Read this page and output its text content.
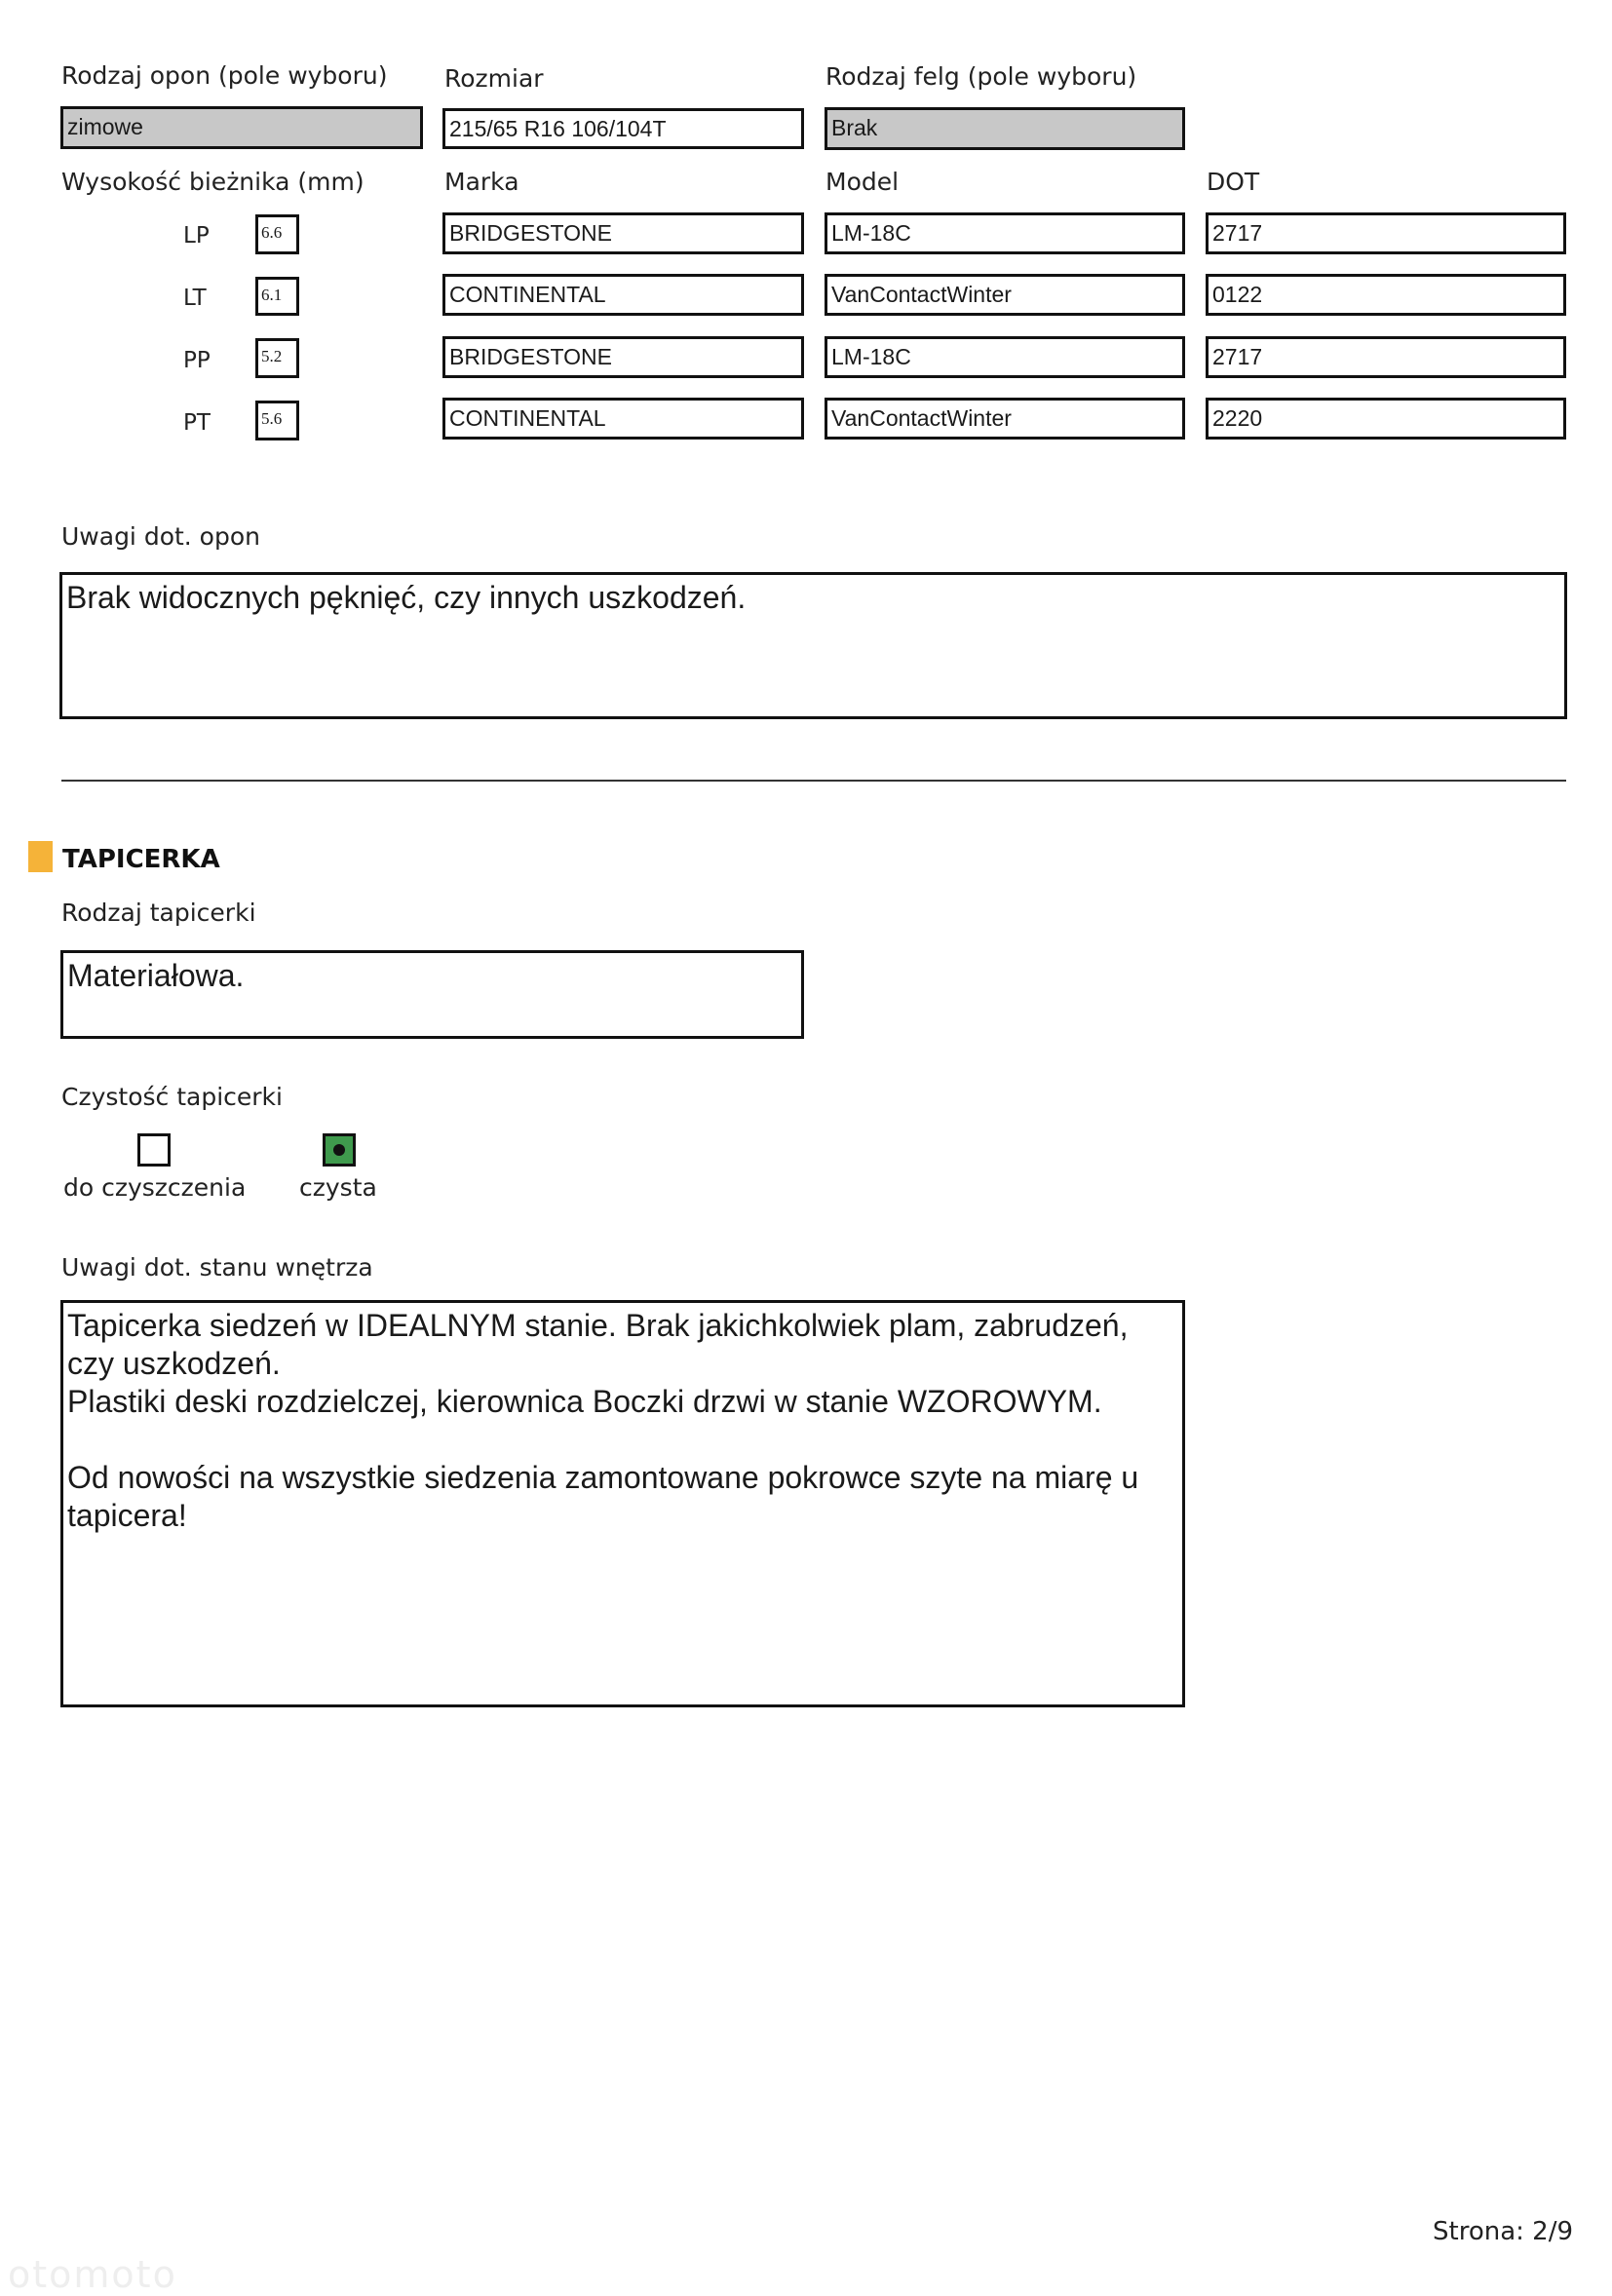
Rodzaj opon (pole wyboru)
zimowe
Rozmiar
215/65 R16 106/104T
Rodzaj felg (pole wyboru)
Brak
Wysokość bieżnika (mm)	Marka	Model	DOT
LP	6.6	BRIDGESTONE	LM-18C	2717
LT	6.1	CONTINENTAL	VanContactWinter	0122
PP	5.2	BRIDGESTONE	LM-18C	2717
PT	5.6	CONTINENTAL	VanContactWinter	2220
Uwagi dot. opon
Brak widocznych pęknięć, czy innych uszkodzeń.
TAPICERKA
Rodzaj tapicerki
Materiałowa.
Czystość tapicerki
do czyszczenia czysta
Uwagi dot. stanu wnętrza
Tapicerka siedzeń w IDEALNYM stanie. Brak jakichkolwiek plam, zabrudzeń,
czy uszkodzeń.
Plastiki deski rozdzielczej, kierownica Boczki drzwi w stanie WZOROWYM.

Od nowości na wszystkie siedzenia zamontowane pokrowce szyte na miarę u
tapicera!
Strona: 2/9
otomoto
